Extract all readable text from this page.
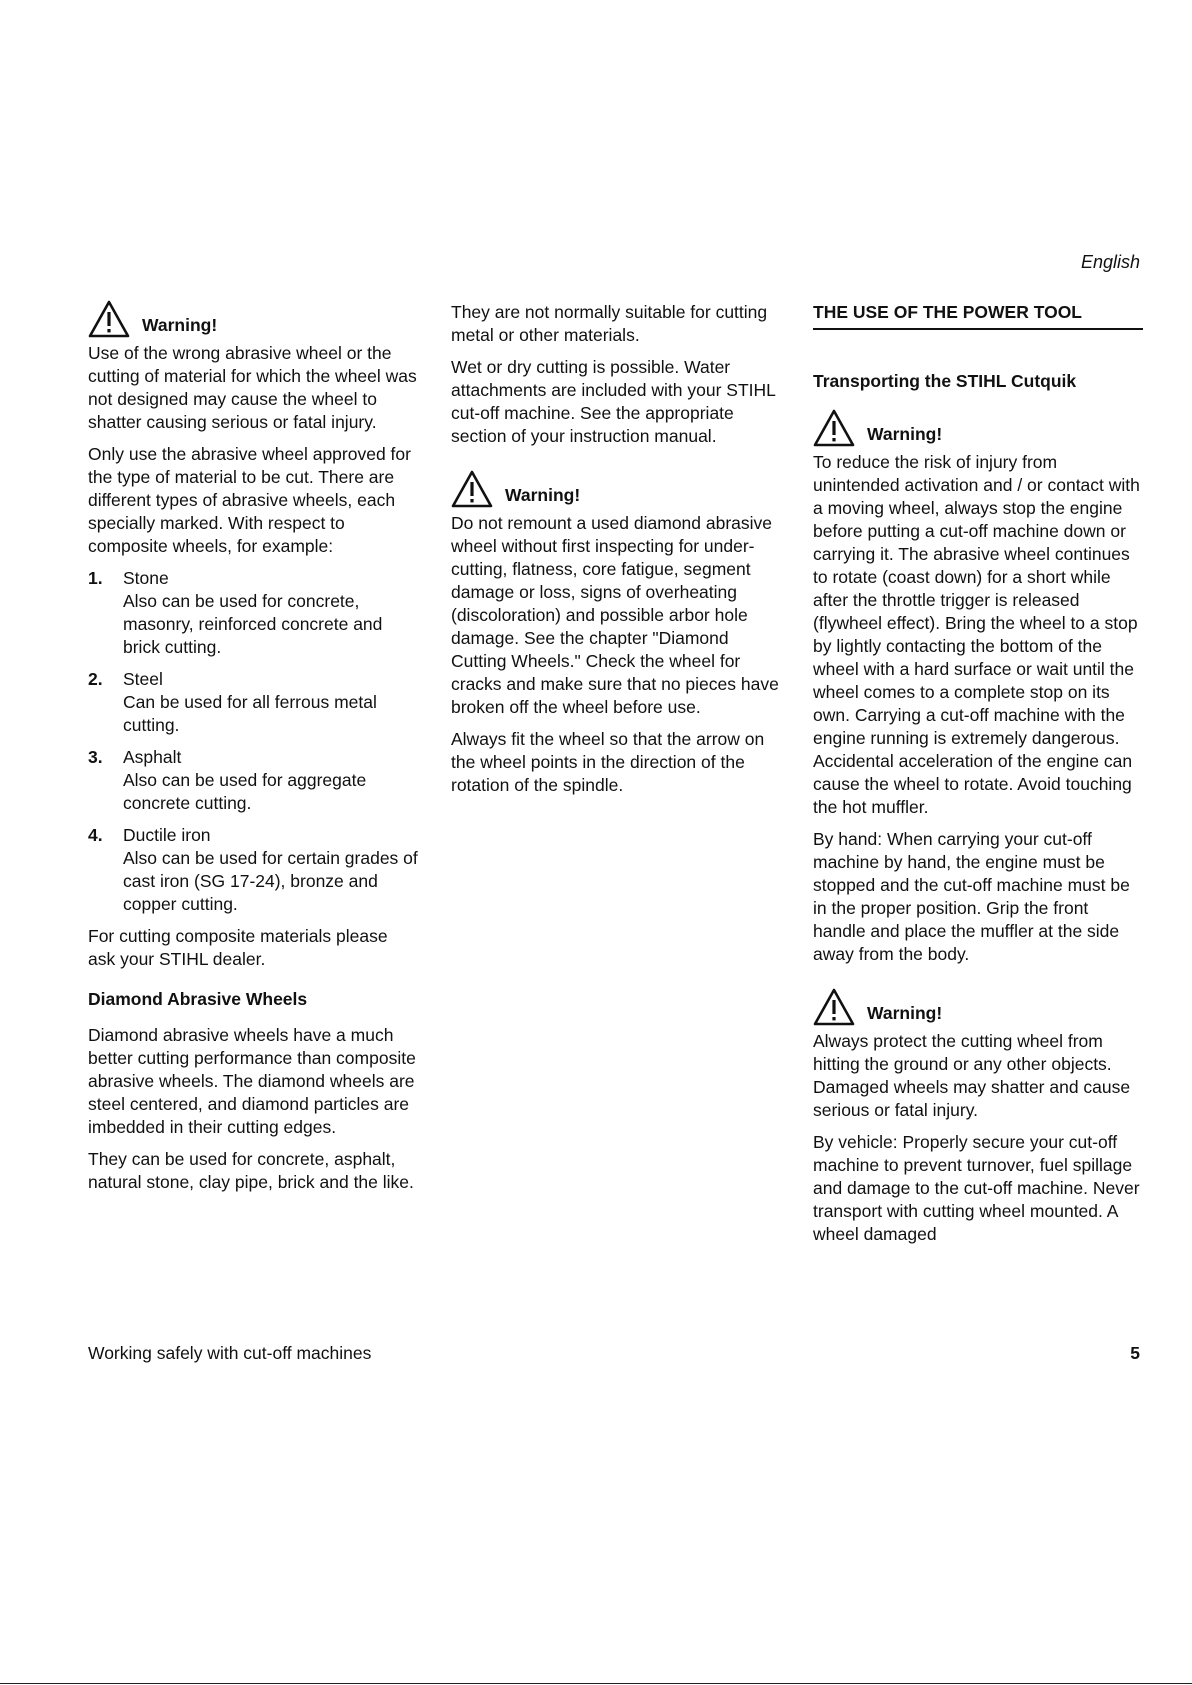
English
Warning!

Use of the wrong abrasive wheel or the cutting of material for which the wheel was not designed may cause the wheel to shatter causing serious or fatal injury.

Only use the abrasive wheel approved for the type of material to be cut. There are different types of abrasive wheels, each specially marked. With respect to composite wheels, for example:

1.	Stone
Also can be used for concrete, masonry, reinforced concrete and brick cutting.
2.	Steel
Can be used for all ferrous metal cutting.
3.	Asphalt
Also can be used for aggregate concrete cutting.
4.	Ductile iron
Also can be used for certain grades of cast iron (SG 17-24), bronze and copper cutting.

For cutting composite materials please ask your STIHL dealer.

Diamond Abrasive Wheels

Diamond abrasive wheels have a much better cutting performance than composite abrasive wheels. The diamond wheels are steel centered, and diamond particles are imbedded in their cutting edges.

They can be used for concrete, asphalt, natural stone, clay pipe, brick and the like.

They are not normally suitable for cutting metal or other materials.

Wet or dry cutting is possible. Water attachments are included with your STIHL cut-off machine. See the appropriate section of your instruction manual.

Warning!

Do not remount a used diamond abrasive wheel without first inspecting for under-cutting, flatness, core fatigue, segment damage or loss, signs of overheating (discoloration) and possible arbor hole damage. See the chapter "Diamond Cutting Wheels." Check the wheel for cracks and make sure that no pieces have broken off the wheel before use.

Always fit the wheel so that the arrow on the wheel points in the direction of the rotation of the spindle.

THE USE OF THE POWER TOOL
Transporting the STIHL Cutquik
Warning!

To reduce the risk of injury from unintended activation and / or contact with a moving wheel, always stop the engine before putting a cut-off machine down or carrying it. The abrasive wheel continues to rotate (coast down) for a short while after the throttle trigger is released (flywheel effect). Bring the wheel to a stop by lightly contacting the bottom of the wheel with a hard surface or wait until the wheel comes to a complete stop on its own. Carrying a cut-off machine with the engine running is extremely dangerous. Accidental acceleration of the engine can cause the wheel to rotate. Avoid touching the hot muffler.

By hand: When carrying your cut-off machine by hand, the engine must be stopped and the cut-off machine must be in the proper position. Grip the front handle and place the muffler at the side away from the body.

Warning!

Always protect the cutting wheel from hitting the ground or any other objects. Damaged wheels may shatter and cause serious or fatal injury.

By vehicle: Properly secure your cut-off machine to prevent turnover, fuel spillage and damage to the cut-off machine. Never transport with cutting wheel mounted. A wheel damaged

Working safely with cut-off machines	5
